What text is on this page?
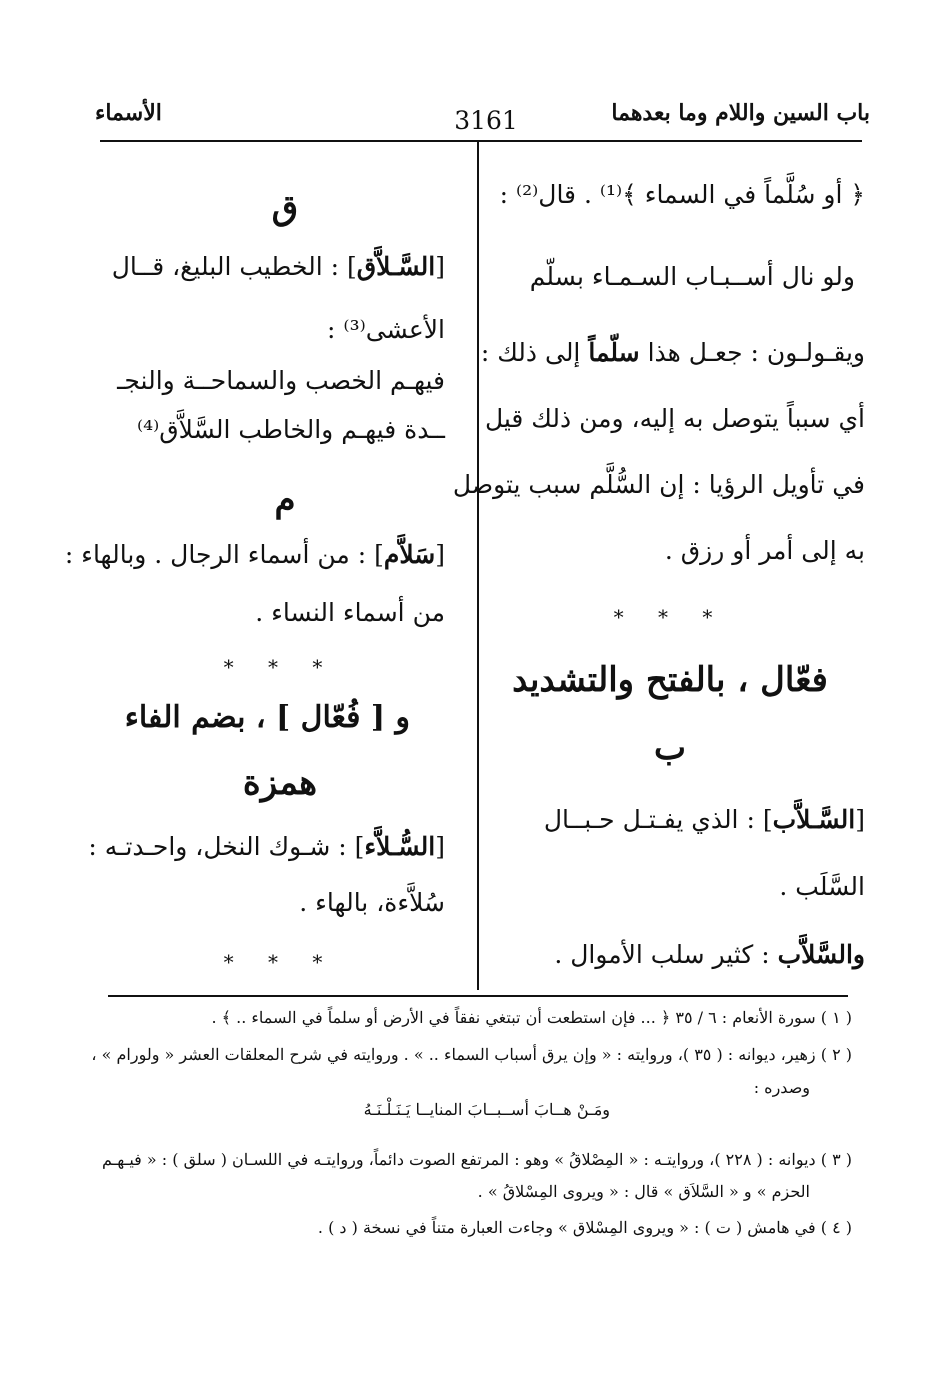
باب السين واللام وما بعدهما
3161
الأسماء
﴿ أو سُلَّماً في السماء ﴾⁽¹⁾ . قال⁽²⁾ :
ولو نال أســبـاب السـمـاء بسلّم
ويقـولـون : جعـل هذا سلّماً إلى ذلك :
أي سبباً يتوصل به إليه، ومن ذلك قيل
في تأويل الرؤيا : إن السُّلَّم سبب يتوصل
به إلى أمر أو رزق .
* * *
فعّال ، بالفتح والتشديد
ب
[السَّـلاَّب] : الذي يفـتـل حـبــال
السَّلَب .
والسَّلاَّب : كثير سلب الأموال .
ق
[السَّـلاَّق] : الخطيب البليغ، قــال
الأعشى⁽³⁾ :
فيهـم الخصب والسماحــة والنجـ
ــدة فيهـم والخاطب السَّلاَّق⁽⁴⁾
م
[سَلاَّم] : من أسماء الرجال . وبالهاء :
من أسماء النساء .
* * *
و [ فُعّال ] ، بضم الفاء
همزة
[السُّـلاَّء] : شـوك النخل، واحـدتـه :
سُلاَّءة، بالهاء .
* * *
( ١ ) سورة الأنعام : ٦ / ٣٥ ﴿ ... فإن استطعت أن تبتغي نفقاً في الأرض أو سلماً في السماء .. ﴾ .
( ٢ ) زهير، ديوانه : ( ٣٥ )، وروايته : « وإن يرق أسباب السماء .. » . وروايته في شرح المعلقات العشر « ولورام » ،
وصدره :
ومَـنْ هــابَ أســبــابَ المنايــا يَـنَـلْـنَـهُ
( ٣ ) ديوانه : ( ٢٢٨ )، وروايتـه : « المِصْلاقُ » وهو : المرتفع الصوت دائماً، وروايتـه في اللسـان ( سلق ) : « فيـهـم
الحزم » و « السَّلاَق » قال : « ويروى المِسْلاقُ » .
( ٤ ) في هامش ( ت ) : « ويروى المِسْلاق » وجاءت العبارة متناً في نسخة ( د ) .
